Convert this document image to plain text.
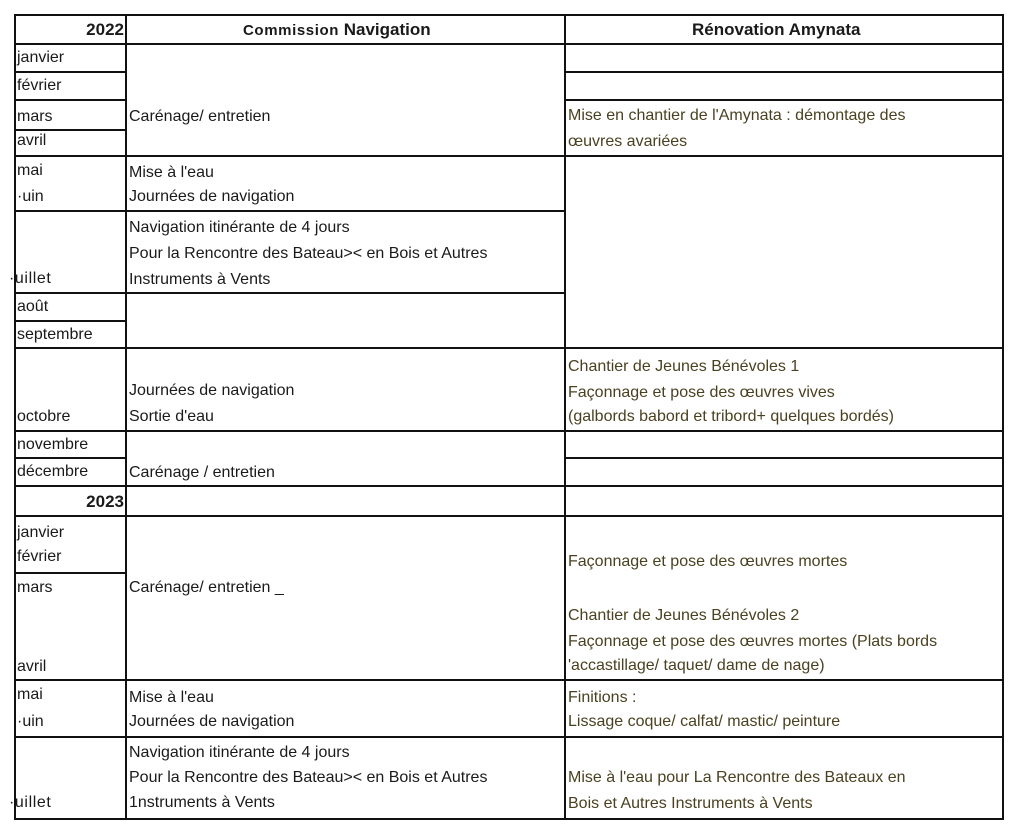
2022	Commission Navigation	Rénovation Amynata
janvier
février
mars
avril
mai
·uin
·uillet
août
septembre
octobre
novembre
décembre
Carénage/ entretien
Mise à l'eau
Journées de navigation
Navigation itinérante de 4 jours
Pour la Rencontre des Bateau>< en Bois et Autres
Instruments à Vents
Journées de navigation
Sortie d'eau
Carénage / entretien
Mise en chantier de l'Amynata : démontage des
œuvres avariées
Chantier de Jeunes Bénévoles 1
Façonnage et pose des œuvres vives
(galbords babord et tribord+ quelques bordés)
2023
janvier
février
mars
avril
mai
·uin
·uillet
Carénage/ entretien _
Mise à l'eau
Journées de navigation
Navigation itinérante de 4 jours
Pour la Rencontre des Bateau>< en Bois et Autres
1nstruments à Vents
Façonnage et pose des œuvres mortes
Chantier de Jeunes Bénévoles 2
Façonnage et pose des œuvres mortes (Plats bords
'accastillage/ taquet/ dame de nage)
Finitions :
Lissage coque/ calfat/ mastic/ peinture
Mise à l'eau pour La Rencontre des Bateaux en
Bois et Autres Instruments à Vents
